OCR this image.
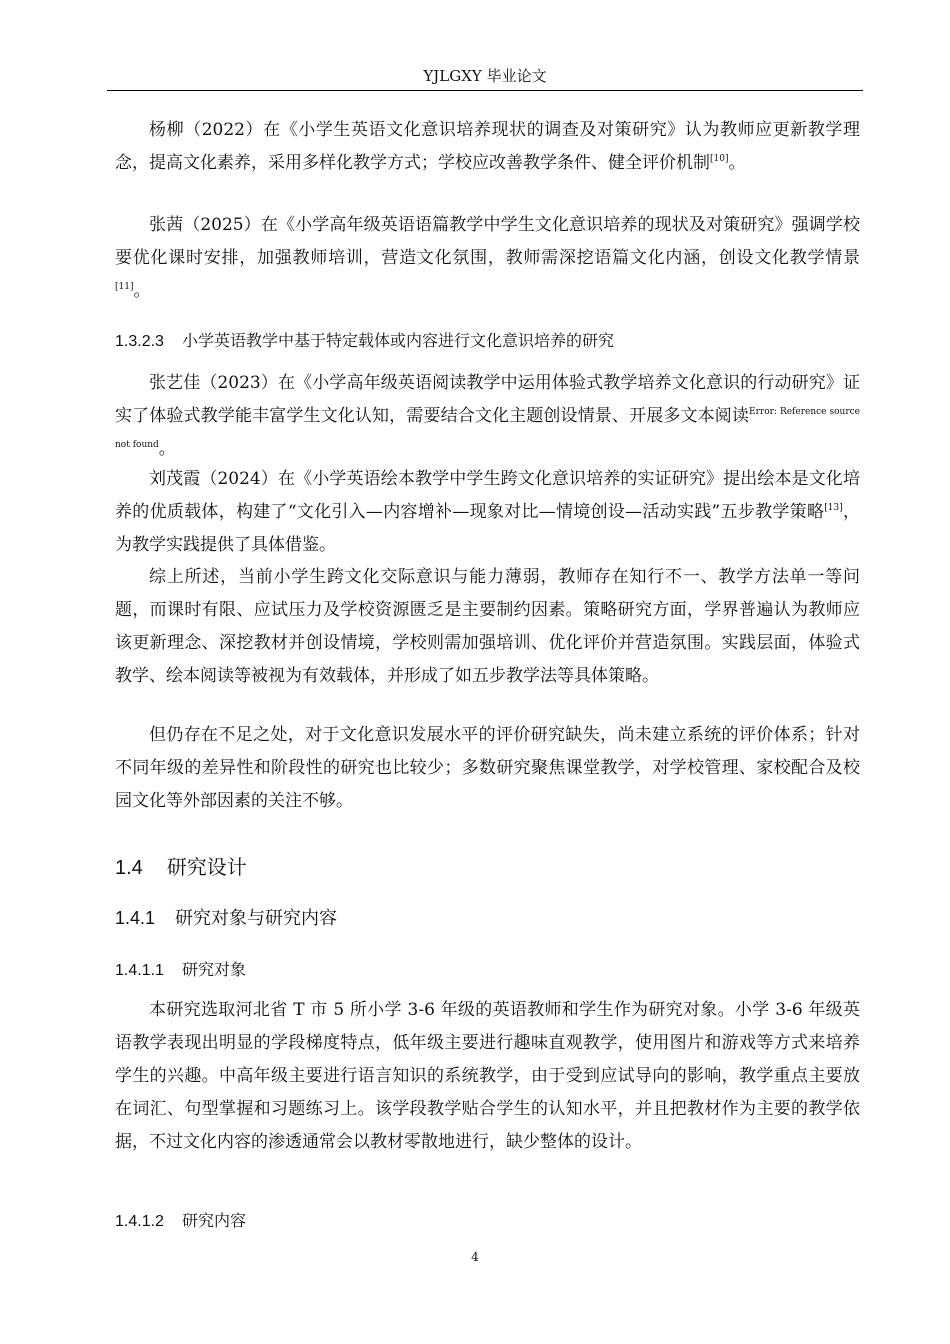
YJLGXY 毕业论文

杨柳（2022）在《小学生英语文化意识培养现状的调查及对策研究》认为教师应更新教学理念，提高文化素养，采用多样化教学方式；学校应改善教学条件、健全评价机制[10]。

张茜（2025）在《小学高年级英语语篇教学中学生文化意识培养的现状及对策研究》强调学校要优化课时安排，加强教师培训，营造文化氛围，教师需深挖语篇文化内涵，创设文化教学情景[11]。

1.3.2.3 小学英语教学中基于特定载体或内容进行文化意识培养的研究

张艺佳（2023）在《小学高年级英语阅读教学中运用体验式教学培养文化意识的行动研究》证实了体验式教学能丰富学生文化认知，需要结合文化主题创设情景、开展多文本阅读$^{Error: Reference source not found}$。

刘茂霞（2024）在《小学英语绘本教学中学生跨文化意识培养的实证研究》提出绘本是文化培养的优质载体，构建了“文化引入—内容增补—现象对比—情境创设—活动实践”五步教学策略[13]，为教学实践提供了具体借鉴。

综上所述，当前小学生跨文化交际意识与能力薄弱，教师存在知行不一、教学方法单一等问题，而课时有限、应试压力及学校资源匮乏是主要制约因素。策略研究方面，学界普遍认为教师应该更新理念、深挖教材并创设情境，学校则需加强培训、优化评价并营造氛围。实践层面，体验式教学、绘本阅读等被视为有效载体，并形成了如五步教学法等具体策略。

但仍存在不足之处，对于文化意识发展水平的评价研究缺失，尚未建立系统的评价体系；针对不同年级的差异性和阶段性的研究也比较少；多数研究聚焦课堂教学，对学校管理、家校配合及校园文化等外部因素的关注不够。

1.4 研究设计
1.4.1 研究对象与研究内容
1.4.1.1 研究对象

本研究选取河北省 T 市 5 所小学 3-6 年级的英语教师和学生作为研究对象。小学 3-6 年级英语教学表现出明显的学段梯度特点，低年级主要进行趣味直观教学，使用图片和游戏等方式来培养学生的兴趣。中高年级主要进行语言知识的系统教学，由于受到应试导向的影响，教学重点主要放在词汇、句型掌握和习题练习上。该学段教学贴合学生的认知水平，并且把教材作为主要的教学依据，不过文化内容的渗透通常会以教材零散地进行，缺少整体的设计。

1.4.1.2 研究内容
4
